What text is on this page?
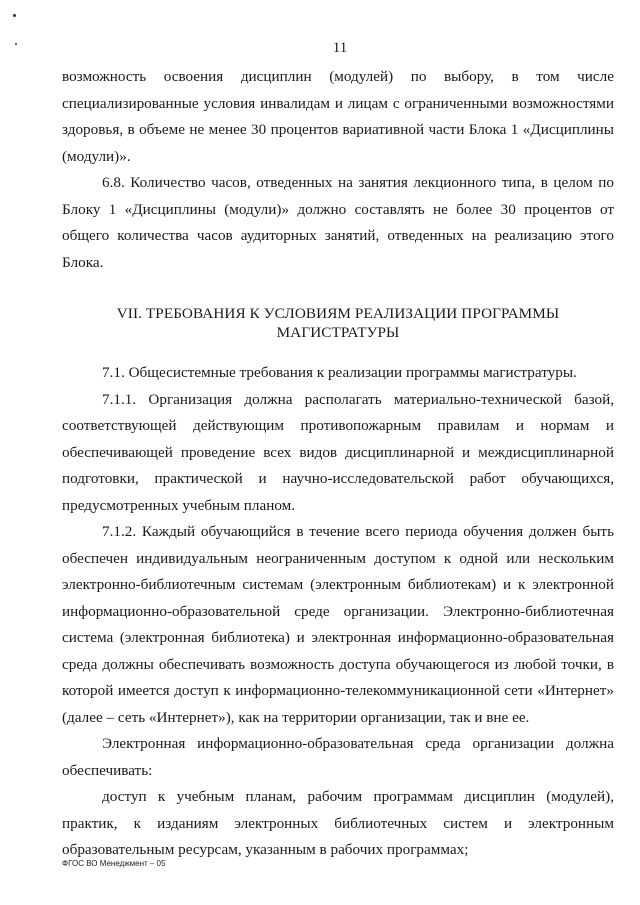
11

возможность освоения дисциплин (модулей) по выбору, в том числе специализированные условия инвалидам и лицам с ограниченными возможностями здоровья, в объеме не менее 30 процентов вариативной части Блока 1 «Дисциплины (модули)».

6.8. Количество часов, отведенных на занятия лекционного типа, в целом по Блоку 1 «Дисциплины (модули)» должно составлять не более 30 процентов от общего количества часов аудиторных занятий, отведенных на реализацию этого Блока.

VII. ТРЕБОВАНИЯ К УСЛОВИЯМ РЕАЛИЗАЦИИ ПРОГРАММЫ
МАГИСТРАТУРЫ

7.1. Общесистемные требования к реализации программы магистратуры.

7.1.1. Организация должна располагать материально-технической базой, соответствующей действующим противопожарным правилам и нормам и обеспечивающей проведение всех видов дисциплинарной и междисциплинарной подготовки, практической и научно-исследовательской работ обучающихся, предусмотренных учебным планом.

7.1.2. Каждый обучающийся в течение всего периода обучения должен быть обеспечен индивидуальным неограниченным доступом к одной или нескольким электронно-библиотечным системам (электронным библиотекам) и к электронной информационно-образовательной среде организации. Электронно-библиотечная система (электронная библиотека) и электронная информационно-образовательная среда должны обеспечивать возможность доступа обучающегося из любой точки, в которой имеется доступ к информационно-телекоммуникационной сети «Интернет» (далее – сеть «Интернет»), как на территории организации, так и вне ее.

Электронная информационно-образовательная среда организации должна обеспечивать:

доступ к учебным планам, рабочим программам дисциплин (модулей), практик, к изданиям электронных библиотечных систем и электронным образовательным ресурсам, указанным в рабочих программах;

ФГОС ВО Менеджмент – 05
